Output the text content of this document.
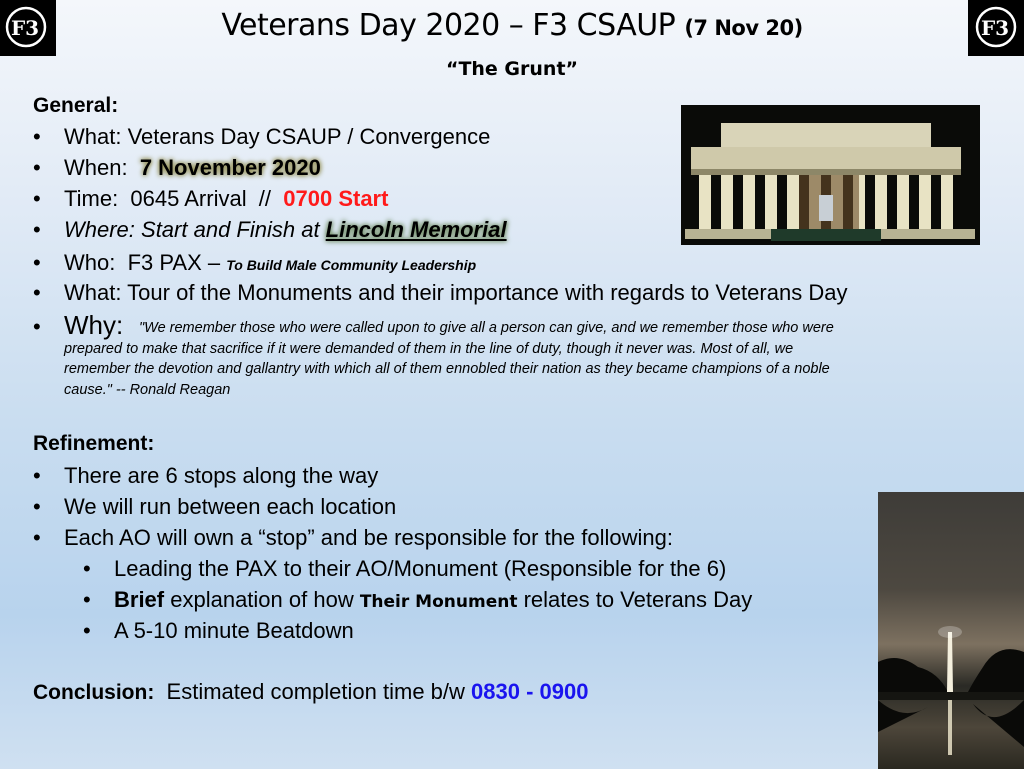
F3	F3
Veterans Day 2020 – F3 CSAUP (7 Nov 20)
“The Grunt”
General:
• What: Veterans Day CSAUP / Convergence
• When:  7 November 2020
• Time:  0645 Arrival  //  0700 Start
• Where: Start and Finish at Lincoln Memorial
• Who:  F3 PAX – To Build Male Community Leadership
• What: Tour of the Monuments and their importance with regards to Veterans Day
• Why:	"We remember those who were called upon to give all a person can give, and we remember those who were
prepared to make that sacrifice if it were demanded of them in the line of duty, though it never was. Most of all, we
remember the devotion and gallantry with which all of them ennobled their nation as they became champions of a noble
cause." -- Ronald Reagan
Refinement:
• There are 6 stops along the way
• We will run between each location
• Each AO will own a “stop” and be responsible for the following:
• Leading the PAX to their AO/Monument (Responsible for the 6)
• Brief explanation of how Their Monument relates to Veterans Day
• A 5-10 minute Beatdown
Conclusion:  Estimated completion time b/w 0830 - 0900
